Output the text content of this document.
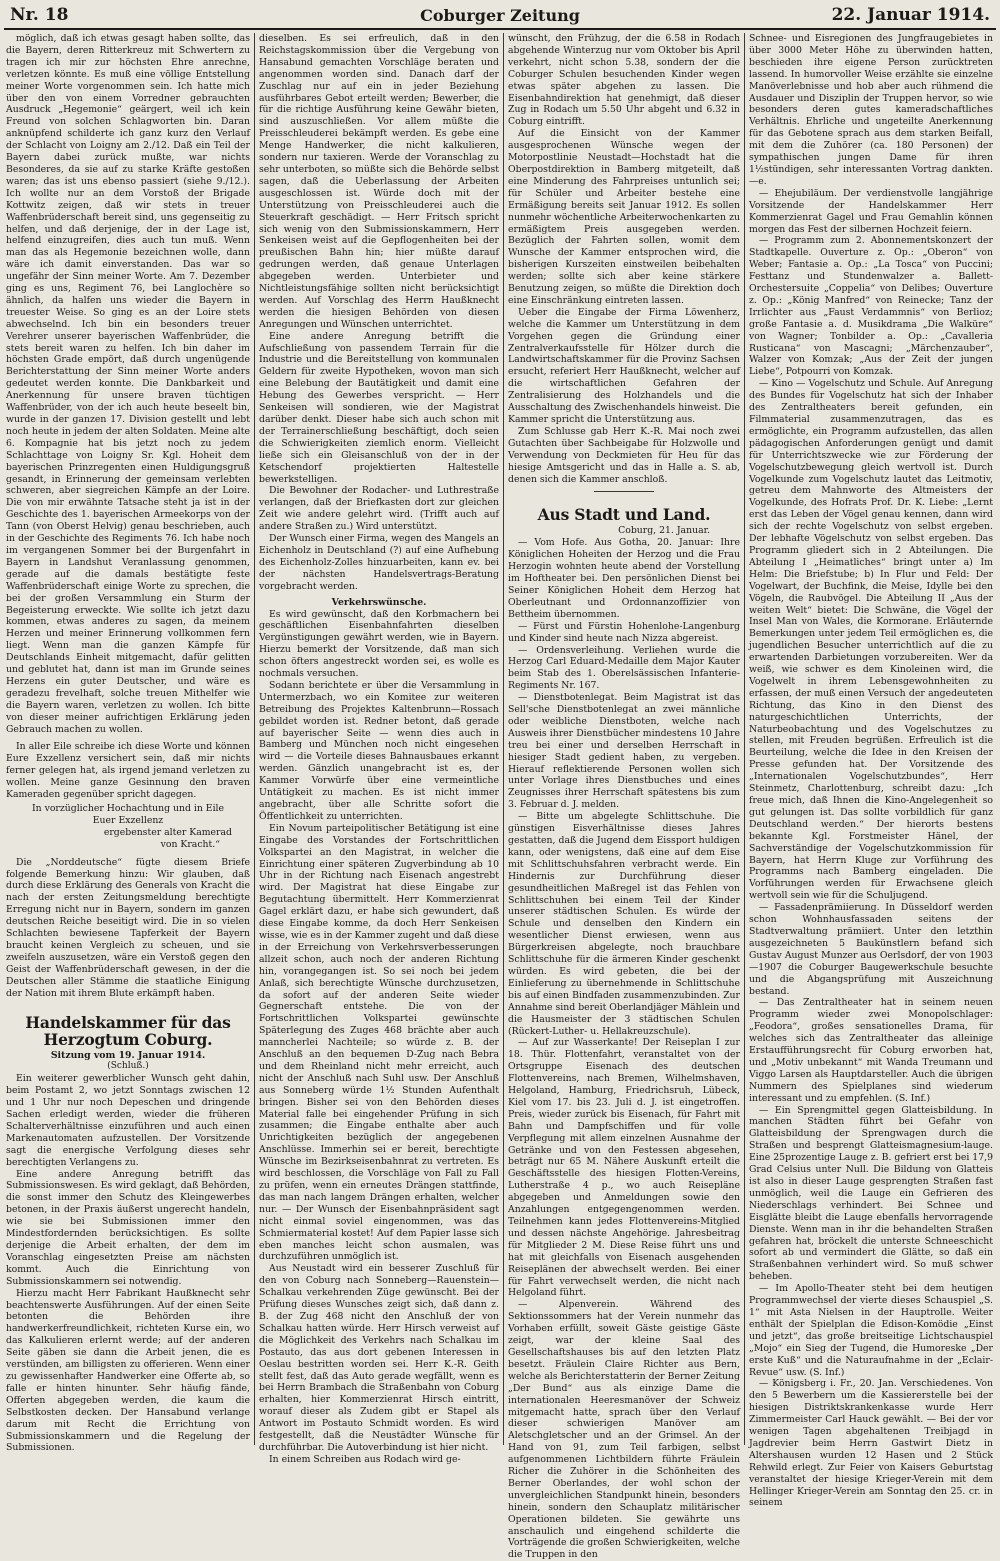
Nr. 18	Coburger Zeitung	22. Januar 1914.

möglich, daß ich etwas gesagt haben sollte, das die Bayern, deren Ritterkreuz mit Schwertern zu tragen ich mir zur höchsten Ehre anrechne, verletzen könnte. Es muß eine völlige Entstellung meiner Worte vorgenommen sein. Ich hatte mich über den von einem Vorredner gebrauchten Ausdruck „Hegemonie“ geärgert, weil ich kein Freund von solchen Schlagworten bin. Daran anknüpfend schilderte ich ganz kurz den Verlauf der Schlacht von Loigny am 2./12. Daß ein Teil der Bayern dabei zurück mußte, war nichts Besonderes, da sie auf zu starke Kräfte gestoßen waren; das ist uns ebenso passiert (siehe 9./12.). Ich wollte nur an dem Vorstoß der Brigade Kottwitz zeigen, daß wir stets in treuer Waffenbrüderschaft bereit sind, uns gegenseitig zu helfen, und daß derjenige, der in der Lage ist, helfend einzugreifen, dies auch tun muß. Wenn man das als Hegemonie bezeichnen wolle, dann wäre ich damit einverstanden. Das war so ungefähr der Sinn meiner Worte. Am 7. Dezember ging es uns, Regiment 76, bei Langlochère so ähnlich, da halfen uns wieder die Bayern in treuester Weise. So ging es an der Loire stets abwechselnd. Ich bin ein besonders treuer Verehrer unserer bayerischen Waffenbrüder, die stets bereit waren zu helfen. Ich bin daher im höchsten Grade empört, daß durch ungenügende Berichterstattung der Sinn meiner Worte anders gedeutet werden konnte. Die Dankbarkeit und Anerkennung für unsere braven tüchtigen Waffenbrüder, von der ich auch heute beseelt bin, wurde in der ganzen 17. Division gestellt und lebt noch heute in jedem der alten Soldaten. Meine alte 6. Kompagnie hat bis jetzt noch zu jedem Schlachttage von Loigny Sr. Kgl. Hoheit dem bayerischen Prinzregenten einen Huldigungsgruß gesandt, in Erinnerung der gemeinsam verlebten schweren, aber siegreichen Kämpfe an der Loire. Die von mir erwähnte Tatsache steht ja ist in der Geschichte des 1. bayerischen Armeekorps von der Tann (von Oberst Helvig) genau beschrieben, auch in der Geschichte des Regiments 76. Ich habe noch im vergangenen Sommer bei der Burgenfahrt in Bayern in Landshut Veranlassung genommen, gerade auf die damals bestätigte feste Waffenbrüderschaft einige Worte zu sprechen, die bei der großen Versammlung ein Sturm der Begeisterung erweckte. Wie sollte ich jetzt dazu kommen, etwas anderes zu sagen, da meinem Herzen und meiner Erinnerung vollkommen fern liegt. Wenn man die ganzen Kämpfe für Deutschlands Einheit mitgemacht, dafür gelitten und geblutet hat, dann ist man im Grunde seines Herzens ein guter Deutscher, und wäre es geradezu frevelhaft, solche treuen Mithelfer wie die Bayern waren, verletzen zu wollen. Ich bitte von dieser meiner aufrichtigen Erklärung jeden Gebrauch machen zu wollen.

In aller Eile schreibe ich diese Worte und können Eure Exzellenz versichert sein, daß mir nichts ferner gelegen hat, als irgend jemand verletzen zu wollen. Meine ganze Gesinnung den braven Kameraden gegenüber spricht dagegen.

In vorzüglicher Hochachtung und in Eile

Euer Exzellenz

ergebenster alter Kamerad

von Kracht.“

Die „Norddeutsche“ fügte diesem Briefe folgende Bemerkung hinzu: Wir glauben, daß durch diese Erklärung des Generals von Kracht die nach der ersten Zeitungsmeldung berechtigte Erregung nicht nur in Bayern, sondern im ganzen deutschen Reiche beseitigt wird. Die in so vielen Schlachten bewiesene Tapferkeit der Bayern braucht keinen Vergleich zu scheuen, und sie zweifeln auszusetzen, wäre ein Verstoß gegen den Geist der Waffenbrüderschaft gewesen, in der die Deutschen aller Stämme die staatliche Einigung der Nation mit ihrem Blute erkämpft haben.

Handelskammer für das Herzogtum Coburg.

Sitzung vom 19. Januar 1914.

(Schluß.)

Ein weiterer gewerblicher Wunsch geht dahin, beim Postamt 2, wo jetzt Sonntags zwischen 12 und 1 Uhr nur noch Depeschen und dringende Sachen erledigt werden, wieder die früheren Schalterverhältnisse einzuführen und auch einen Markenautomaten aufzustellen. Der Vorsitzende sagt die energische Verfolgung dieses sehr berechtigten Verlangens zu.

Eine andere Anregung betrifft das Submissionswesen. Es wird geklagt, daß Behörden, die sonst immer den Schutz des Kleingewerbes betonen, in der Praxis äußerst ungerecht handeln, wie sie bei Submissionen immer den Mindestfordernden berücksichtigen. Es sollte derjenige die Arbeit erhalten, der dem im Voranschlag eingesetzten Preise am nächsten kommt. Auch die Einrichtung von Submissionskammern sei notwendig.

Hierzu macht Herr Fabrikant Haußknecht sehr beachtenswerte Ausführungen. Auf der einen Seite betonten die Behörden ihre handwerkerfreundlichkeit, richteten Kurse ein, wo das Kalkulieren erlernt werde; auf der anderen Seite gäben sie dann die Arbeit jenen, die es verstünden, am billigsten zu offerieren. Wenn einer zu gewissenhafter Handwerker eine Offerte ab, so falle er hinten hinunter. Sehr häufig fände, Offerten abgegeben werden, die kaum die Selbstkosten decken. Der Hansabund verlange darum mit Recht die Errichtung von Submissionskammern und die Regelung der Submissionen.

dieselben. Es sei erfreulich, daß in den Reichstagskommission über die Vergebung von Hansabund gemachten Vorschläge beraten und angenommen worden sind. Danach darf der Zuschlag nur auf ein in jeder Beziehung ausführbares Gebot erteilt werden; Bewerber, die für die richtige Ausführung keine Gewähr bieten, sind auszuschließen. Vor allem müßte die Preisschleuderei bekämpft werden. Es gebe eine Menge Handwerker, die nicht kalkulieren, sondern nur taxieren. Werde der Voranschlag zu sehr unterboten, so müßte sich die Behörde selbst sagen, daß die Ueberlassung der Arbeiten ausgeschlossen ist. Würde doch mit der Unterstützung von Preisschleuderei auch die Steuerkraft geschädigt. — Herr Fritsch spricht sich wenig von den Submissionskammern, Herr Senkeisen weist auf die Gepflogenheiten bei der preußischen Bahn hin; hier müßte darauf gedrungen werden, daß genaue Unterlagen abgegeben werden. Unterbieter und Nichtleistungsfähige sollten nicht berücksichtigt werden. Auf Vorschlag des Herrn Haußknecht werden die hiesigen Behörden von diesen Anregungen und Wünschen unterrichtet.

Eine andere Anregung betrifft die Aufschließung von passendem Terrain für die Industrie und die Bereitstellung von kommunalen Geldern für zweite Hypotheken, wovon man sich eine Belebung der Bautätigkeit und damit eine Hebung des Gewerbes verspricht. — Herr Senkeisen will sondieren, wie der Magistrat darüber denkt. Dieser habe sich auch schon mit der Terrainerschließung beschäftigt, doch seien die Schwierigkeiten ziemlich enorm. Vielleicht ließe sich ein Gleisanschluß von der in der Ketschendorf projektierten Haltestelle bewerkstelligen.

Die Bewohner der Rodacher- und Luthrestraße verlangen, daß der Briefkasten dort zur gleichen Zeit wie andere gelehrt wird. (Trifft auch auf andere Straßen zu.) Wird unterstützt.

Der Wunsch einer Firma, wegen des Mangels an Eichenholz in Deutschland (?) auf eine Aufhebung des Eichenholz-Zolles hinzuarbeiten, kann ev. bei der nächsten Handelsvertrags-Beratung vorgebracht werden.

Verkehrswünsche.

Es wird gewünscht, daß den Korbmachern bei geschäftlichen Eisenbahnfahrten dieselben Vergünstigungen gewährt werden, wie in Bayern. Hierzu bemerkt der Vorsitzende, daß man sich schon öfters angestreckt worden sei, es wolle es nochmals versuchen.

Sodann berichtete er über die Versammlung in Untermerzbach, wo ein Komitee zur weiteren Betreibung des Projektes Kaltenbrunn—Rossach gebildet worden ist. Redner betont, daß gerade auf bayerischer Seite — wenn dies auch in Bamberg und München noch nicht eingesehen wird — die Vorteile dieses Bahnausbaues erkannt werden. Gänzlich unangebracht ist es, der Kammer Vorwürfe über eine vermeintliche Untätigkeit zu machen. Es ist nicht immer angebracht, über alle Schritte sofort die Öffentlichkeit zu unterrichten.

Ein Novum parteipolitischer Betätigung ist eine Eingabe des Vorstandes der Fortschrittlichen Volkspartei an den Magistrat, in welcher die Einrichtung einer späteren Zugverbindung ab 10 Uhr in der Richtung nach Eisenach angestrebt wird. Der Magistrat hat diese Eingabe zur Begutachtung übermittelt. Herr Kommerzienrat Gagel erklärt dazu, er habe sich gewundert, daß diese Eingabe komme, da doch Herr Senkeisen wisse, wie es in der Kammer zugeht und daß diese in der Erreichung von Verkehrsverbesserungen allzeit schon, auch noch der anderen Richtung hin, vorangegangen ist. So sei noch bei jedem Anlaß, sich berechtigte Wünsche durchzusetzen, da sofort auf der anderen Seite wieder Gegnerschaft entstehe. Die von der Fortschrittlichen Volkspartei gewünschte Späterlegung des Zuges 468 brächte aber auch manncherlei Nachteile; so würde z. B. der Anschluß an den bequemen D-Zug nach Bebra und dem Rheinland nicht mehr erreicht, auch nicht der Anschluß nach Suhl usw. Der Anschluß aus Sonneberg würde 1½ Stunden Aufenthalt bringen. Bisher sei von den Behörden dieses Material falle bei eingehender Prüfung in sich zusammen; die Eingabe enthalte aber auch Unrichtigkeiten bezüglich der angegebenen Anschlüsse. Immerhin sei er bereit, berechtigte Wünsche im Bezirkseisenbahnrat zu vertreten. Es wird beschlossen, die Vorschläge von Fall zu Fall zu prüfen, wenn ein erneutes Drängen stattfinde, das man nach langem Drängen erhalten, welcher nur. — Der Wunsch der Eisenbahnpräsident sagt nicht einmal soviel eingenommen, was das Schmiermaterial kostet! Auf dem Papier lasse sich eben manches leicht schon ausmalen, was durchzuführen unmöglich ist.

Aus Neustadt wird ein besserer Zuschluß für den von Coburg nach Sonneberg—Rauenstein—Schalkau verkehrenden Züge gewünscht. Bei der Prüfung dieses Wunsches zeigt sich, daß dann z. B. der Zug 468 nicht den Anschluß der von Schalkau hatten würde. Herr Hirsch verweist auf die Möglichkeit des Verkehrs nach Schalkau im Postauto, das aus dort gebenen Interessen in Oeslau bestritten worden sei. Herr K.-R. Geith stellt fest, daß das Auto gerade wegfällt, wenn es bei Herrn Brambach die Straßenbahn von Coburg erhalten, hier Kommerzienrat Hirsch eintritt, worauf dieser als Zudem gibt er Stapel als Antwort im Postauto Schmidt worden. Es wird festgestellt, daß die Neustädter Wünsche für durchführbar. Die Autoverbindung ist hier nicht.

In einem Schreiben aus Rodach wird ge-

wünscht, den Frühzug, der die 6.58 in Rodach abgehende Winterzug nur vom Oktober bis April verkehrt, nicht schon 5.38, sondern der die Coburger Schulen besuchenden Kinder wegen etwas später abgehen zu lassen. Die Eisenbahndirektion hat genehmigt, daß dieser Zug in Rodach um 5.50 Uhr abgeht und 6.32 in Coburg eintrifft.

Auf die Einsicht von der Kammer ausgesprochenen Wünsche wegen der Motorpostlinie Neustadt—Hochstadt hat die Oberpostdirektion in Bamberg mitgeteilt, daß eine Minderung des Fahrpreises untunlich sei; für Schüler und Arbeiter bestehe eine Ermäßigung bereits seit Januar 1912. Es sollen nunmehr wöchentliche Arbeiterwochenkarten zu ermäßigtem Preis ausgegeben werden. Bezüglich der Fahrten sollen, womit dem Wunsche der Kammer entsprochen wird, die bisherigen Kurszeiten einstweilen beibehalten werden; sollte sich aber keine stärkere Benutzung zeigen, so müßte die Direktion doch eine Einschränkung eintreten lassen.

Ueber die Eingabe der Firma Löwenherz, welche die Kammer um Unterstützung in dem Vorgehen gegen die Gründung einer Zentralverkaufsstelle für Hölzer durch die Landwirtschaftskammer für die Provinz Sachsen ersucht, referiert Herr Haußknecht, welcher auf die wirtschaftlichen Gefahren der Zentralisierung des Holzhandels und die Ausschaltung des Zwischenhandels hinweist. Die Kammer spricht die Unterstützung aus.

Zum Schlusse gab Herr K.-R. Mai noch zwei Gutachten über Sachbeigabe für Holzwolle und Verwendung von Deckmieten für Heu für das hiesige Amtsgericht und das in Halle a. S. ab, denen sich die Kammer anschloß.

Aus Stadt und Land.

Coburg, 21. Januar.

— Vom Hofe. Aus Gotha, 20. Januar: Ihre Königlichen Hoheiten der Herzog und die Frau Herzogin wohnten heute abend der Vorstellung im Hoftheater bei. Den persönlichen Dienst bei Seiner Königlichen Hoheit dem Herzog hat Oberleutnant und Ordonnanzoffizier von Bettheim übernommen.

— Fürst und Fürstin Hohenlohe-Langenburg und Kinder sind heute nach Nizza abgereist.

— Ordensverleihung. Verliehen wurde die Herzog Carl Eduard-Medaille dem Major Kauter beim Stab des 1. Oberelsässischen Infanterie-Regiments Nr. 167.

— Dienstbotenlegat. Beim Magistrat ist das Sell'sche Dienstbotenlegat an zwei männliche oder weibliche Dienstboten, welche nach Ausweis ihrer Dienstbücher mindestens 10 Jahre treu bei einer und derselben Herrschaft in hiesiger Stadt gedient haben, zu vergeben. Hierauf reflektierende Personen wollen sich unter Vorlage ihres Dienstbuches und eines Zeugnisses ihrer Herrschaft spätestens bis zum 3. Februar d. J. melden.

— Bitte um abgelegte Schlittschuhe. Die günstigen Eisverhältnisse dieses Jahres gestatten, daß die Jugend dem Eissport huldigen kann, oder wenigstens, daß eine auf dem Eise mit Schlittschuhsfahren verbracht werde. Ein Hindernis zur Durchführung dieser gesundheitlichen Maßregel ist das Fehlen von Schlittschuhen bei einem Teil der Kinder unserer städtischen Schulen. Es würde der Schule und denselben den Kindern ein wesentlicher Dienst erwiesen, wenn aus Bürgerkreisen abgelegte, noch brauchbare Schlittschuhe für die ärmeren Kinder geschenkt würden. Es wird gebeten, die bei der Einlieferung zu übernehmende in Schlittschuhe bis auf einen Bindfaden zusammenzubinden. Zur Annahme sind bereit Oberlandjäger Mählein und die Hausmeister der 3 städtischen Schulen (Rückert-Luther- u. Hellakreuzschule).

— Auf zur Wasserkante! Der Reiseplan I zur 18. Thür. Flottenfahrt, veranstaltet von der Ortsgruppe Eisenach des deutschen Flottenvereins, nach Bremen, Wilhelmshaven, Helgoland, Hamburg, Friedrichsruh, Lübeck, Kiel vom 17. bis 23. Juli d. J. ist eingetroffen. Preis, wieder zurück bis Eisenach, für Fahrt mit Bahn und Dampfschiffen und für volle Verpflegung mit allem einzelnen Ausnahme der Getränke und von den Festessen abgesehen, beträgt nur 65 M. Nähere Auskunft erteilt die Geschäftsstelle des hiesigen Flotten-Vereins, Lutherstraße 4 p., wo auch Reisepläne abgegeben und Anmeldungen sowie den Anzahlungen entgegengenommen werden. Teilnehmen kann jedes Flottenvereins-Mitglied und dessen nächste Angehörige. Jahresbeitrag für Mitglieder 2 M. Diese Reise führt uns und hat mit gleichfalls von Eisenach ausgehenden Reiseplänen der abwechselt werden. Bei einer für Fahrt verwechselt werden, die nicht nach Helgoland führt.

— Alpenverein. Während des Sektionssommers hat der Verein nunmehr das Vorhaben erfüllt, soweit Gäste geistige Gäste zeigt, war der kleine Saal des Gesellschaftshauses bis auf den letzten Platz besetzt. Fräulein Claire Richter aus Bern, welche als Berichterstatterin der Berner Zeitung „Der Bund“ aus als einzige Dame die internationalen Heeresmanöver der Schweiz mitgemacht hatte, sprach über den Verlauf dieser schwierigen Manöver am Aletschgletscher und an der Grimsel. An der Hand von 91, zum Teil farbigen, selbst aufgenommenen Lichtbildern führte Fräulein Richer die Zuhörer in die Schönheiten des Berner Oberlandes, der wohl schon der unvergleichlichen Standpunkt hinein, besonders hinein, sondern den Schauplatz militärischer Operationen bildeten. Sie gewährte uns anschaulich und eingehend schilderte die Vorträgende die großen Schwierigkeiten, welche die Truppen in den

Schnee- und Eisregionen des Jungfraugebietes in über 3000 Meter Höhe zu überwinden hatten, beschieden ihre eigene Person zurücktreten lassend. In humorvoller Weise erzählte sie einzelne Manöverlebnisse und hob aber auch rühmend die Ausdauer und Disziplin der Truppen hervor, so wie besonders deren gutes kameradschaftliches Verhältnis. Ehrliche und ungeteilte Anerkennung für das Gebotene sprach aus dem starken Beifall, mit dem die Zuhörer (ca. 180 Personen) der sympathischen jungen Dame für ihren 1½stündigen, sehr interessanten Vortrag dankten. —e.

— Ehejubiläum. Der verdienstvolle langjährige Vorsitzende der Handelskammer Herr Kommerzienrat Gagel und Frau Gemahlin können morgen das Fest der silbernen Hochzeit feiern.

— Programm zum 2. Abonnementskonzert der Stadtkapelle. Ouverture z. Op.: „Oberon“ von Weber; Fantasie a. Op.: „La Tosca“ von Puccini; Festtanz und Stundenwalzer a. Ballett-Orchestersuite „Coppelia“ von Delibes; Ouverture z. Op.: „König Manfred“ von Reinecke; Tanz der Irrlichter aus „Faust Verdammnis“ von Berlioz; große Fantasie a. d. Musikdrama „Die Walküre“ von Wagner; Tonbilder a. Op.: „Cavalleria Rusticana“ von Mascagni; „Märchenzauber“, Walzer von Komzak; „Aus der Zeit der jungen Liebe“, Potpourri von Komzak.

— Kino — Vogelschutz und Schule. Auf Anregung des Bundes für Vogelschutz hat sich der Inhaber des Zentraltheaters bereit gefunden, ein Filmmaterial zusammenzutragen, das es ermöglichte, ein Programm aufzustellen, das allen pädagogischen Anforderungen genügt und damit für Unterrichtszwecke wie zur Förderung der Vogelschutzbewegung gleich wertvoll ist. Durch Vogelkunde zum Vogelschutz lautet das Leitmotiv, getreu dem Mahnworte des Altmeisters der Vogelkunde, des Hofrats Prof. Dr. K. Liebe: „Lernt erst das Leben der Vögel genau kennen, dann wird sich der rechte Vogelschutz von selbst ergeben. Der lebhafte Vögelschutz von selbst ergeben. Das Programm gliedert sich in 2 Abteilungen. Die Abteilung I „Heimatliches“ bringt unter a) Im Helm: Die Briefstube; b) In Flur und Feld: Der Vogelwart, der Buchfink, die Meise, Idylle bei den Vögeln, die Raubvögel. Die Abteilung II „Aus der weiten Welt“ bietet: Die Schwäne, die Vögel der Insel Man von Wales, die Kormorane. Erläuternde Bemerkungen unter jedem Teil ermöglichen es, die jugendlichen Besucher unterrichtlich auf die zu erwartenden Darbietungen vorzubereiten. Wer da weiß, wie schwer es dem Kinoleinen wird, die Vogelwelt in ihrem Lebensgewohnheiten zu erfassen, der muß einen Versuch der angedeuteten Richtung, das Kino in den Dienst des naturgeschichtlichen Unterrichts, der Naturbeobachtung und des Vogelschutzes zu stellen, mit Freuden begrüßen. Erfreulich ist die Beurteilung, welche die Idee in den Kreisen der Presse gefunden hat. Der Vorsitzende des „Internationalen Vogelschutzbundes“, Herr Steinmetz, Charlottenburg, schreibt dazu: „Ich freue mich, daß Ihnen die Kino-Angelegenheit so gut gelungen ist. Das sollte vorbildlich für ganz Deutschland werden.“ Der hierorts bestens bekannte Kgl. Forstmeister Hänel, der Sachverständige der Vogelschutzkommission für Bayern, hat Herrn Kluge zur Vorführung des Programms nach Bamberg eingeladen. Die Vorführungen werden für Erwachsene gleich wertvoll sein wie für die Schuljugend.

— Fassadenprämiierung. In Düsseldorf werden schon Wohnhausfassaden seitens der Stadtverwaltung prämiiert. Unter den letzthin ausgezeichneten 5 Baukünstlern befand sich Gustav August Munzer aus Oerlsdorf, der von 1903—1907 die Coburger Baugewerkschule besuchte und die Abgangsprüfung mit Auszeichnung bestand.

— Das Zentraltheater hat in seinem neuen Programm wieder zwei Monopolschlager: „Feodora“, großes sensationelles Drama, für welches sich das Zentraltheater das alleinige Erstaufführungsrecht für Coburg erworben hat, und „Motiv unbekannt“ mit Wanda Treumann und Viggo Larsen als Hauptdarsteller. Auch die übrigen Nummern des Spielplanes sind wiederum interessant und zu empfehlen. (S. Inf.)

— Ein Sprengmittel gegen Glatteisbildung. In manchen Städten führt bei Gefahr von Glatteisbildung der Sprengwagen durch die Straßen und besprengt Glatteismagnesium-lauge. Eine 25prozentige Lauge z. B. gefriert erst bei 17,9 Grad Celsius unter Null. Die Bildung von Glatteis ist also in dieser Lauge gesprengten Straßen fast unmöglich, weil die Lauge ein Gefrieren des Niederschlags verhindert. Bei Schnee und Eisglätte bleibt die Lauge ebenfalls hervorragende Dienste. Wenn man in ihr die behandelten Straßen gefahren hat, bröckelt die unterste Schneeschicht sofort ab und vermindert die Glätte, so daß ein Straßenbahnen verhindert wird. So muß schwer beheben.

— Im Apollo-Theater steht bei dem heutigen Programmwechsel der vierte dieses Schauspiel „S. 1“ mit Asta Nielsen in der Hauptrolle. Weiter enthält der Spielplan die Edison-Komödie „Einst und jetzt“, das große breitseitige Lichtschauspiel „Mojo“ ein Sieg der Tugend, die Humoreske „Der erste Kuß“ und die Naturaufnahme in der „Eclair-Revue“ usw. (S. Inf.)

— Königsberg i. Fr., 20. Jan. Verschiedenes. Von den 5 Bewerbern um die Kassiererstelle bei der hiesigen Distriktskrankenkasse wurde Herr Zimmermeister Carl Hauck gewählt. — Bei der vor wenigen Tagen abgehaltenen Treibjagd in Jagdrevier beim Herrn Gastwirt Dietz in Altershausen wurden 12 Hasen und 2 Stück Rehwild erlegt. Zur Feier von Kaisers Geburtstag veranstaltet der hiesige Krieger-Verein mit dem Hellinger Krieger-Verein am Sonntag den 25. cr. in seinem
